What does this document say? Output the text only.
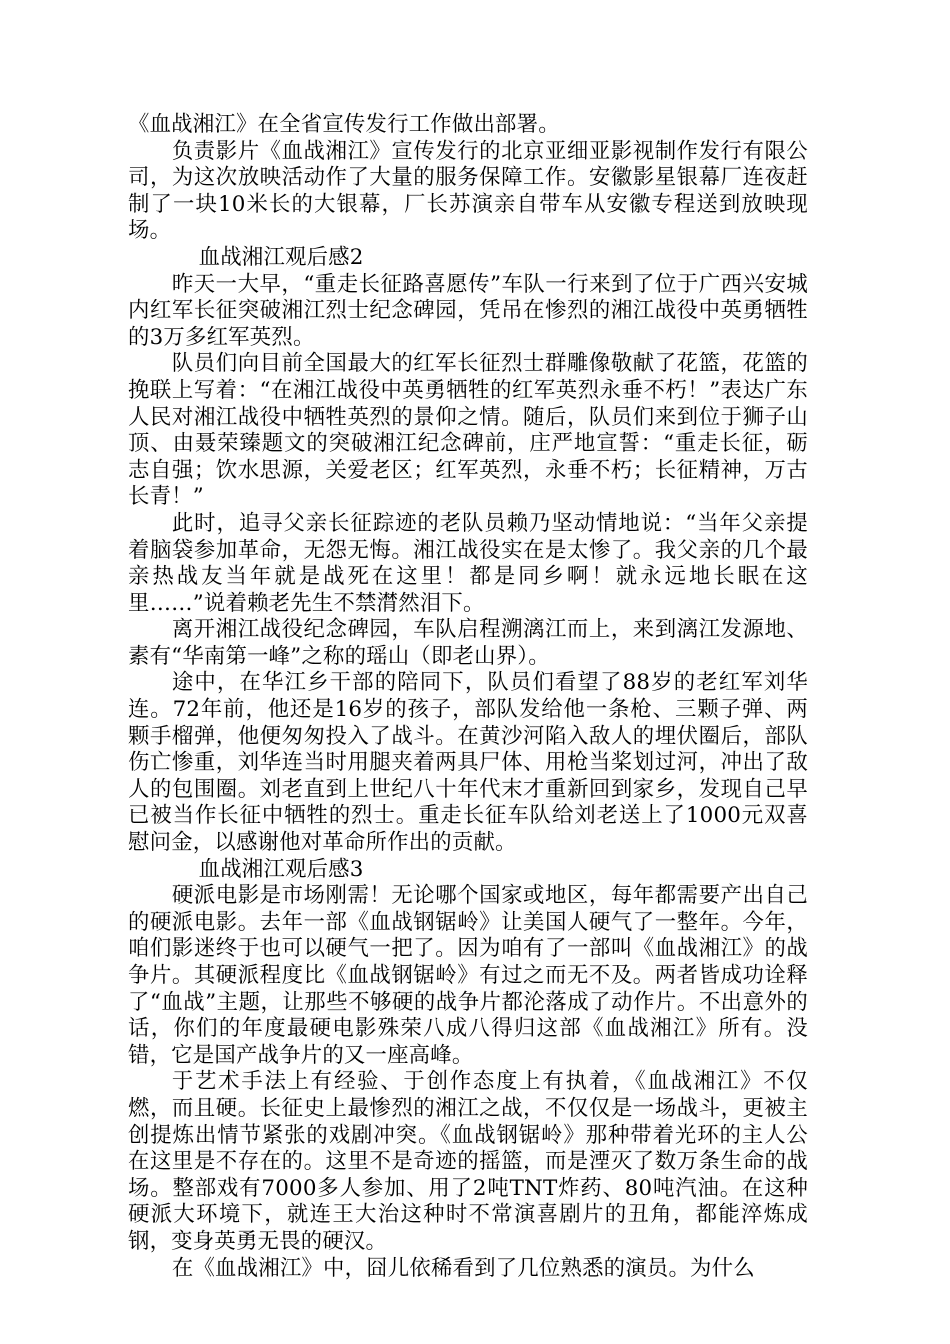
《血战湘江》在全省宣传发行工作做出部署。

负责影片《血战湘江》宣传发行的北京亚细亚影视制作发行有限公司，为这次放映活动作了大量的服务保障工作。安徽影星银幕厂连夜赶制了一块10米长的大银幕，厂长苏演亲自带车从安徽专程送到放映现场。

血战湘江观后感2

昨天一大早，“重走长征路喜愿传”车队一行来到了位于广西兴安城内红军长征突破湘江烈士纪念碑园，凭吊在惨烈的湘江战役中英勇牺牲的3万多红军英烈。

队员们向目前全国最大的红军长征烈士群雕像敬献了花篮，花篮的挽联上写着：“在湘江战役中英勇牺牲的红军英烈永垂不朽！”表达广东人民对湘江战役中牺牲英烈的景仰之情。随后，队员们来到位于狮子山顶、由聂荣臻题文的突破湘江纪念碑前，庄严地宣誓：“重走长征，砺志自强；饮水思源，关爱老区；红军英烈，永垂不朽；长征精神，万古长青！”

此时，追寻父亲长征踪迹的老队员赖乃坚动情地说：“当年父亲提着脑袋参加革命，无怨无悔。湘江战役实在是太惨了。我父亲的几个最亲热战友当年就是战死在这里！都是同乡啊！就永远地长眠在这里……”说着赖老先生不禁潸然泪下。

离开湘江战役纪念碑园，车队启程溯漓江而上，来到漓江发源地、素有“华南第一峰”之称的瑶山（即老山界）。

途中，在华江乡干部的陪同下，队员们看望了88岁的老红军刘华连。72年前，他还是16岁的孩子，部队发给他一条枪、三颗子弹、两颗手榴弹，他便匆匆投入了战斗。在黄沙河陷入敌人的埋伏圈后，部队伤亡惨重，刘华连当时用腿夹着两具尸体、用枪当桨划过河，冲出了敌人的包围圈。刘老直到上世纪八十年代末才重新回到家乡，发现自己早已被当作长征中牺牲的烈士。重走长征车队给刘老送上了1000元双喜慰问金，以感谢他对革命所作出的贡献。

血战湘江观后感3

硬派电影是市场刚需！无论哪个国家或地区，每年都需要产出自己的硬派电影。去年一部《血战钢锯岭》让美国人硬气了一整年。今年，咱们影迷终于也可以硬气一把了。因为咱有了一部叫《血战湘江》的战争片。其硬派程度比《血战钢锯岭》有过之而无不及。两者皆成功诠释了“血战”主题，让那些不够硬的战争片都沦落成了动作片。不出意外的话，你们的年度最硬电影殊荣八成八得归这部《血战湘江》所有。没错，它是国产战争片的又一座高峰。

于艺术手法上有经验、于创作态度上有执着，《血战湘江》不仅燃，而且硬。长征史上最惨烈的湘江之战，不仅仅是一场战斗，更被主创提炼出情节紧张的戏剧冲突。《血战钢锯岭》那种带着光环的主人公在这里是不存在的。这里不是奇迹的摇篮，而是湮灭了数万条生命的战场。整部戏有7000多人参加、用了2吨TNT炸药、80吨汽油。在这种硬派大环境下，就连王大治这种时不常演喜剧片的丑角，都能淬炼成钢，变身英勇无畏的硬汉。

在《血战湘江》中，囧儿依稀看到了几位熟悉的演员。为什么
